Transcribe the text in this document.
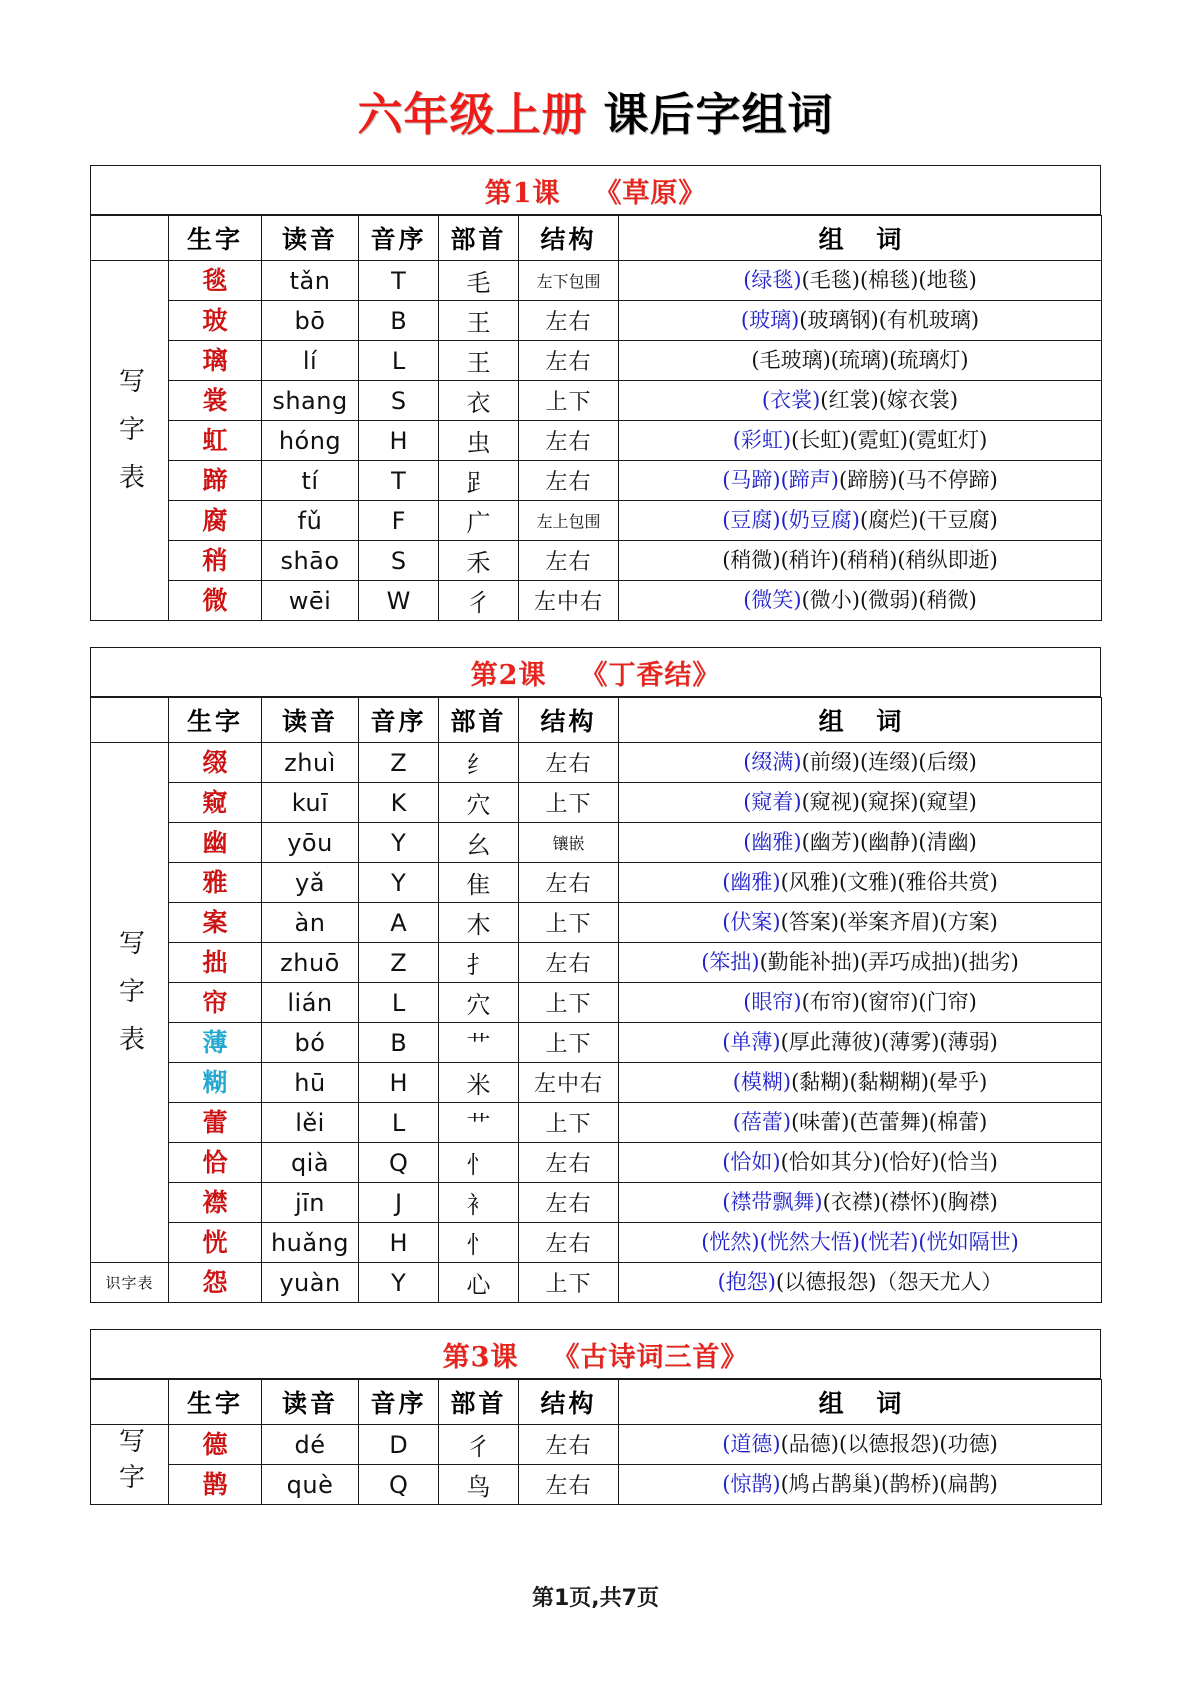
六年级上册 课后字组词
第1课 《草原》
	生字	读音	音序	部首	结构	组 词
写字表	毯	tǎn	T	毛	左下包围	(绿毯)(毛毯)(棉毯)(地毯)
	玻	bō	B	王	左右	(玻璃)(玻璃钢)(有机玻璃)
	璃	lí	L	王	左右	(毛玻璃)(琉璃)(琉璃灯)
	裳	shang	S	衣	上下	(衣裳)(红裳)(嫁衣裳)
	虹	hóng	H	虫	左右	(彩虹)(长虹)(霓虹)(霓虹灯)
	蹄	tí	T	𧾷	左右	(马蹄)(蹄声)(蹄膀)(马不停蹄)
	腐	fǔ	F	广	左上包围	(豆腐)(奶豆腐)(腐烂)(干豆腐)
	稍	shāo	S	禾	左右	(稍微)(稍许)(稍稍)(稍纵即逝)
	微	wēi	W	彳	左中右	(微笑)(微小)(微弱)(稍微)
第2课 《丁香结》
	生字	读音	音序	部首	结构	组 词
写字表	缀	zhuì	Z	纟	左右	(缀满)(前缀)(连缀)(后缀)
	窥	kuī	K	穴	上下	(窥着)(窥视)(窥探)(窥望)
	幽	yōu	Y	幺	镶嵌	(幽雅)(幽芳)(幽静)(清幽)
	雅	yǎ	Y	隹	左右	(幽雅)(风雅)(文雅)(雅俗共赏)
	案	àn	A	木	上下	(伏案)(答案)(举案齐眉)(方案)
	拙	zhuō	Z	扌	左右	(笨拙)(勤能补拙)(弄巧成拙)(拙劣)
	帘	lián	L	穴	上下	(眼帘)(布帘)(窗帘)(门帘)
	薄	bó	B	艹	上下	(单薄)(厚此薄彼)(薄雾)(薄弱)
	糊	hū	H	米	左中右	(模糊)(黏糊)(黏糊糊)(晕乎)
	蕾	lěi	L	艹	上下	(蓓蕾)(味蕾)(芭蕾舞)(棉蕾)
	恰	qià	Q	忄	左右	(恰如)(恰如其分)(恰好)(恰当)
	襟	jīn	J	衤	左右	(襟带飘舞)(衣襟)(襟怀)(胸襟)
	恍	huǎng	H	忄	左右	(恍然)(恍然大悟)(恍若)(恍如隔世)
识字表	怨	yuàn	Y	心	上下	(抱怨)(以德报怨)（怨天尤人）
第3课 《古诗词三首》
	生字	读音	音序	部首	结构	组 词
写字	德	dé	D	彳	左右	(道德)(品德)(以德报怨)(功德)
	鹊	què	Q	鸟	左右	(惊鹊)(鸠占鹊巢)(鹊桥)(扁鹊)
第1页,共7页
